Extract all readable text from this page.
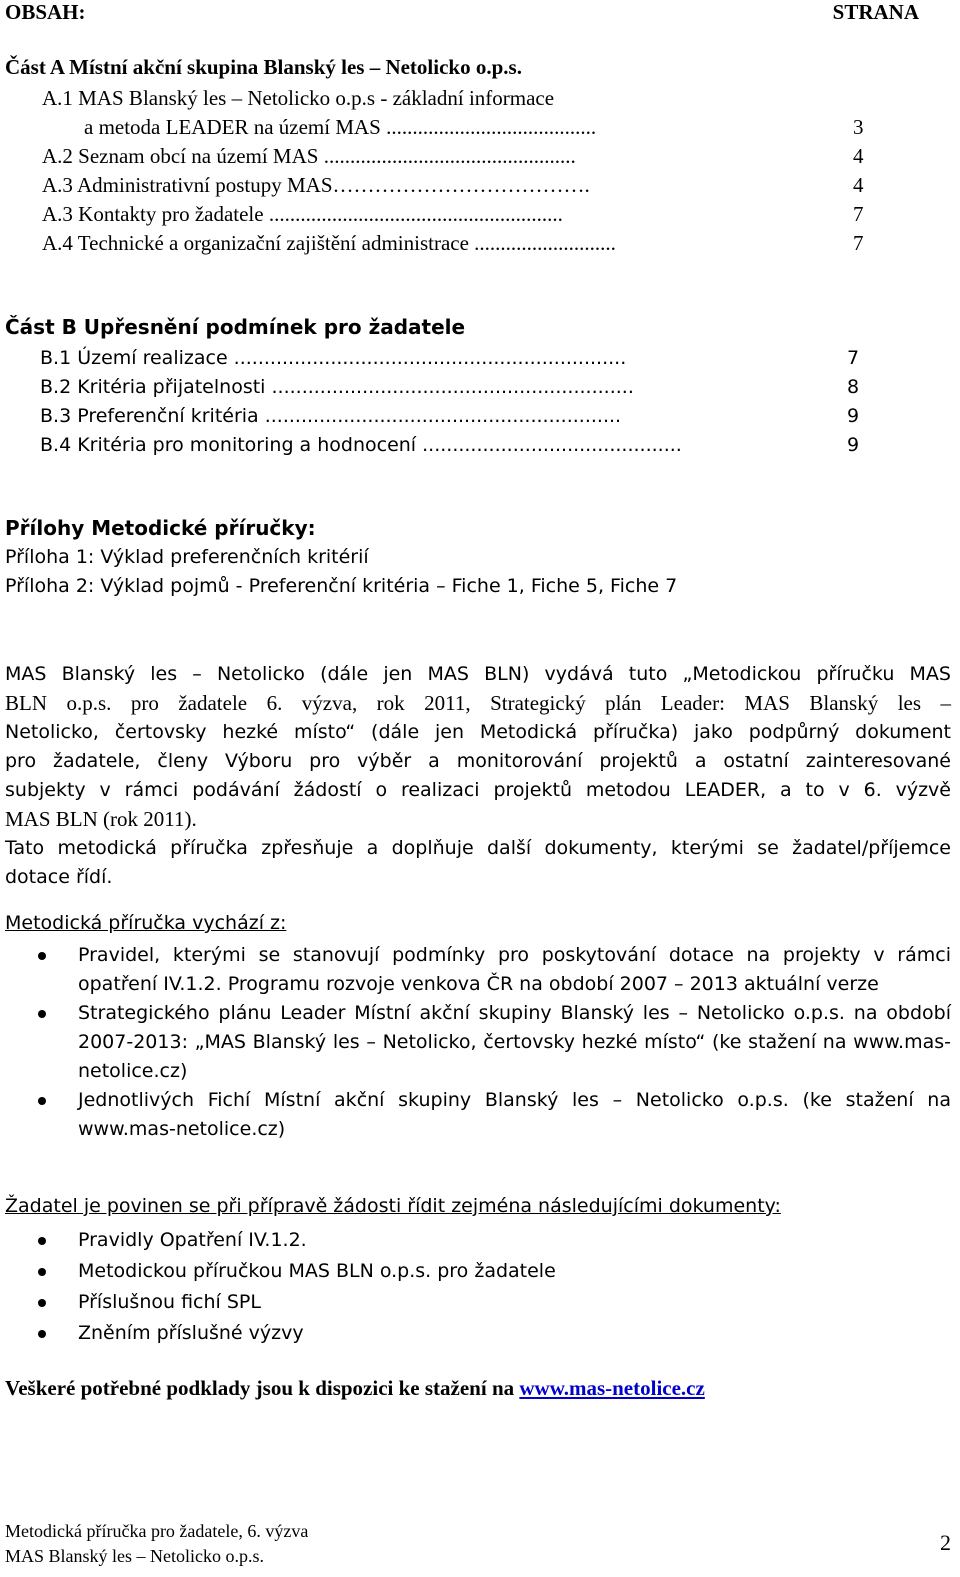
OBSAH:	STRANA
Část A Místní akční skupina Blanský les – Netolicko o.p.s.
A.1 MAS Blanský les – Netolicko o.p.s - základní informace
a metoda LEADER na území MAS ........................................	3
A.2 Seznam obcí na území MAS ................................................	4
A.3 Administrativní postupy MAS……………………………….	4
A.3 Kontakty pro žadatele ........................................................	7
A.4 Technické a organizační zajištění administrace ...........................	7
Část B Upřesnění podmínek pro žadatele
B.1 Území realizace .................................................................	7
B.2 Kritéria přijatelnosti ............................................................	8
B.3 Preferenční kritéria ...........................................................	9
B.4 Kritéria pro monitoring a hodnocení ...........................................	9
Přílohy Metodické příručky:
Příloha 1: Výklad preferenčních kritérií
Příloha 2: Výklad pojmů - Preferenční kritéria – Fiche 1, Fiche 5, Fiche 7
MAS Blanský les – Netolicko (dále jen MAS BLN) vydává tuto „Metodickou příručku MAS
BLN o.p.s. pro žadatele 6. výzva, rok 2011, Strategický plán Leader: MAS Blanský les –
Netolicko, čertovsky hezké místo“ (dále jen Metodická příručka) jako podpůrný dokument
pro žadatele, členy Výboru pro výběr a monitorování projektů a ostatní zainteresované
subjekty v rámci podávání žádostí o realizaci projektů metodou LEADER, a to v 6. výzvě
MAS BLN (rok 2011).
Tato metodická příručka zpřesňuje a doplňuje další dokumenty, kterými se žadatel/příjemce
dotace řídí.
Metodická příručka vychází z:
Pravidel, kterými se stanovují podmínky pro poskytování dotace na projekty v rámci opatření IV.1.2. Programu rozvoje venkova ČR na období 2007 – 2013 aktuální verze
Strategického plánu Leader Místní akční skupiny Blanský les – Netolicko o.p.s. na období 2007-2013: „MAS Blanský les – Netolicko, čertovsky hezké místo“ (ke stažení na www.mas-netolice.cz)
Jednotlivých Fichí Místní akční skupiny Blanský les – Netolicko o.p.s. (ke stažení na www.mas-netolice.cz)
Žadatel je povinen se při přípravě žádosti řídit zejména následujícími dokumenty:
Pravidly Opatření IV.1.2.
Metodickou příručkou MAS BLN o.p.s. pro žadatele
Příslušnou fichí SPL
Zněním příslušné výzvy
Veškeré potřebné podklady jsou k dispozici ke stažení na www.mas-netolice.cz
Metodická příručka pro žadatele, 6. výzva
MAS Blanský les – Netolicko o.p.s.
2
